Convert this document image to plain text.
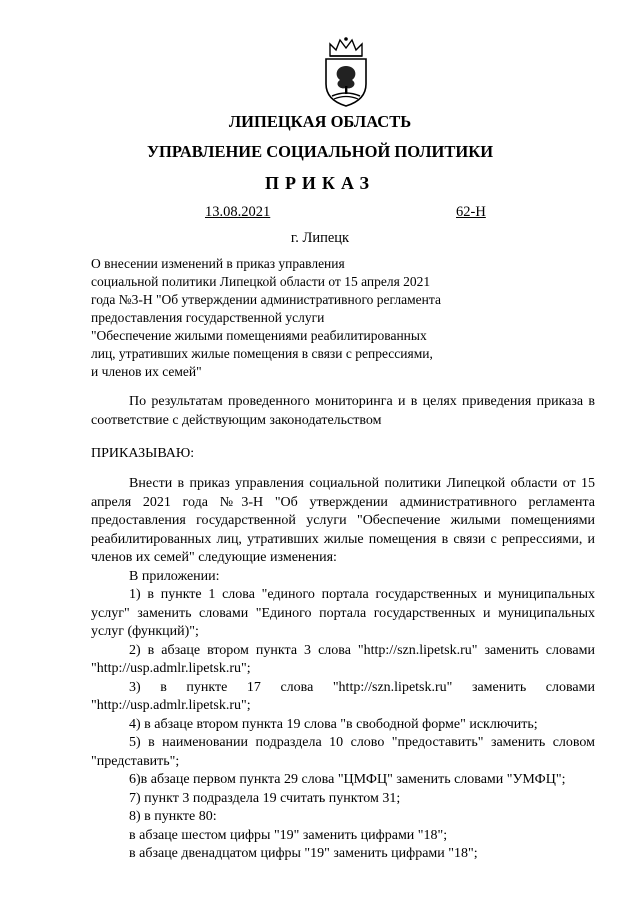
ЛИПЕЦКАЯ ОБЛАСТЬ
УПРАВЛЕНИЕ СОЦИАЛЬНОЙ ПОЛИТИКИ
ПРИКАЗ
13.08.2021	62-Н
г. Липецк
О внесении изменений в приказ управления
социальной политики Липецкой области от 15 апреля 2021
года №3-Н "Об утверждении административного регламента
предоставления государственной услуги
"Обеспечение жилыми помещениями реабилитированных
лиц, утративших жилые помещения в связи с репрессиями,
и членов их семей"
По результатам проведенного мониторинга и в целях приведения приказа в соответствие с действующим законодательством
ПРИКАЗЫВАЮ:
Внести в приказ управления социальной политики Липецкой области от 15 апреля 2021 года №3-Н "Об утверждении административного регламента предоставления государственной услуги "Обеспечение жилыми помещениями реабилитированных лиц, утративших жилые помещения в связи с репрессиями, и членов их семей" следующие изменения:
В приложении:
1) в пункте 1 слова "единого портала государственных и муниципальных услуг" заменить словами "Единого портала государственных и муниципальных услуг (функций)";
2) в абзаце втором пункта 3 слова "http://szn.lipetsk.ru" заменить словами "http://usp.admlr.lipetsk.ru";
3) в пункте 17 слова "http://szn.lipetsk.ru" заменить словами "http://usp.admlr.lipetsk.ru";
4) в абзаце втором пункта 19 слова "в свободной форме" исключить;
5) в наименовании подраздела 10 слово "предоставить" заменить словом "представить";
6)в абзаце первом пункта 29 слова "ЦМФЦ" заменить словами "УМФЦ";
7) пункт 3 подраздела 19 считать пунктом 31;
8) в пункте 80:
в абзаце шестом цифры "19" заменить цифрами "18";
в абзаце двенадцатом цифры "19" заменить цифрами "18";
